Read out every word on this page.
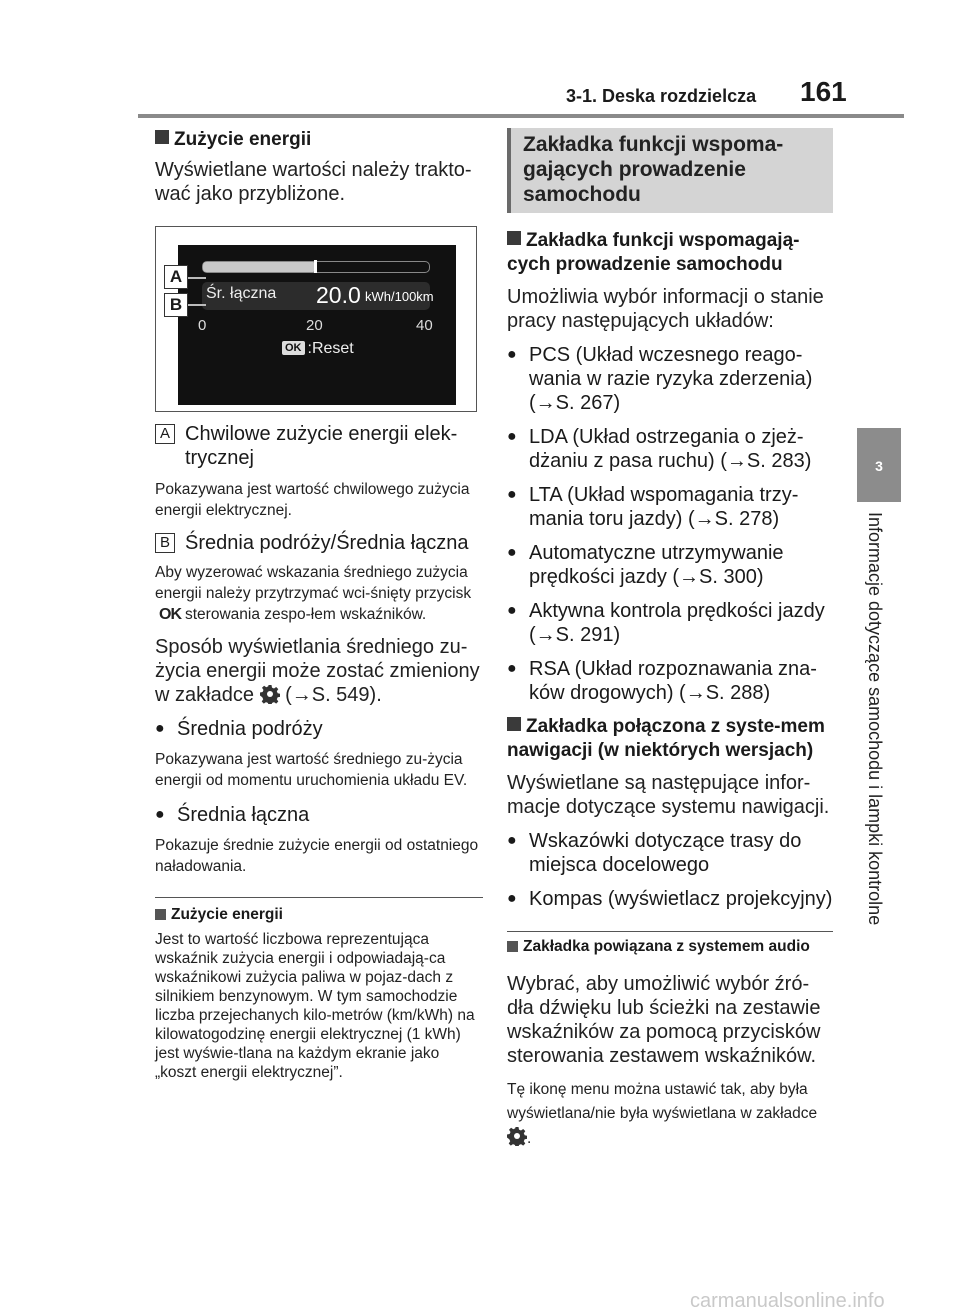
3-1. Deska rozdzielcza 161
3
Informacje dotyczące samochodu i lampki kontrolne
Zużycie energii
Wyświetlane wartości należy trakto-wać jako przybliżone.
Śr. łączna 20.0 kWh/100km
0	20	40
OK :Reset
A
B
A Chwilowe zużycie energii elek-trycznej
Pokazywana jest wartość chwilowego zużycia energii elektrycznej.
B Średnia podróży/Średnia łączna
Aby wyzerować wskazania średniego zużycia energii należy przytrzymać wci-śnięty przyciskOK sterowania zespo-łem wskaźników.
Sposób wyświetlania średniego zu-życia energii może zostać zmieniony w zakładce (→S. 549).
● Średnia podróży
Pokazywana jest wartość średniego zu-życia energii od momentu uruchomienia układu EV.
● Średnia łączna
Pokazuje średnie zużycie energii od ostatniego naładowania.
Zużycie energii
Jest to wartość liczbowa reprezentująca wskaźnik zużycia energii i odpowiadają-ca wskaźnikowi zużycia paliwa w pojaz-dach z silnikiem benzynowym. W tym samochodzie liczba przejechanych kilo-metrów (km/kWh) na kilowatogodzinę energii elektrycznej (1 kWh) jest wyświe-tlana na każdym ekranie jako „koszt energii elektrycznej”.
Zakładka funkcji wspoma-gających prowadzenie samochodu
Zakładka funkcji wspomagają-cych prowadzenie samochodu
Umożliwia wybór informacji o stanie pracy następujących układów:
● PCS (Układ wczesnego reago-wania w razie ryzyka zderzenia) (→S. 267)
● LDA (Układ ostrzegania o zjeż-dżaniu z pasa ruchu) (→S. 283)
● LTA (Układ wspomagania trzy-mania toru jazdy) (→S. 278)
● Automatyczne utrzymywanie prędkości jazdy (→S. 300)
● Aktywna kontrola prędkości jazdy (→S. 291)
● RSA (Układ rozpoznawania zna-ków drogowych) (→S. 288)
Zakładka połączona z syste-mem nawigacji (w niektórych wersjach)
Wyświetlane są następujące infor-macje dotyczące systemu nawigacji.
● Wskazówki dotyczące trasy do miejsca docelowego
● Kompas (wyświetlacz projekcyjny)
Zakładka powiązana z systemem audio
Wybrać, aby umożliwić wybór źró-dła dźwięku lub ścieżki na zestawie wskaźników za pomocą przycisków sterowania zestawem wskaźników.
Tę ikonę menu można ustawić tak, aby była wyświetlana/nie była wyświetlana w zakładce .
carmanualsonline.info
